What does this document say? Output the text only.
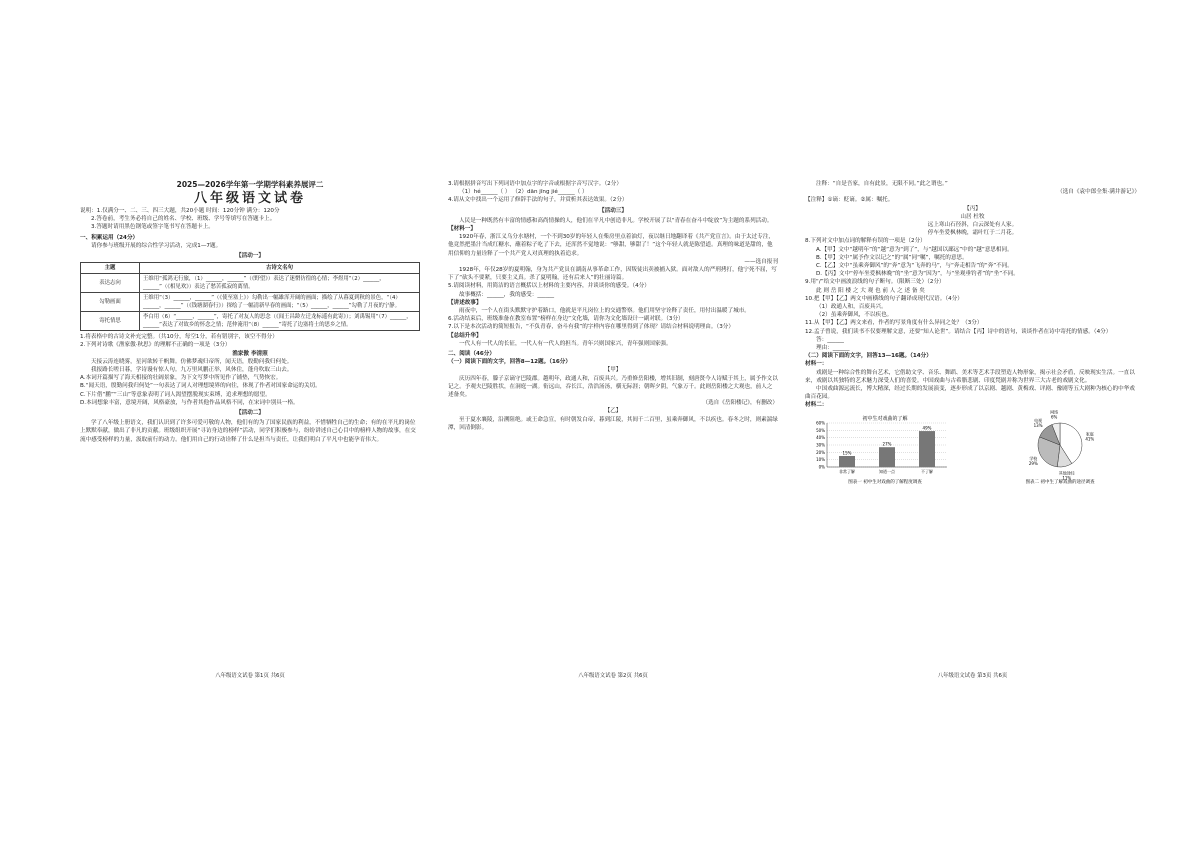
2025—2026学年第一学期学科素养展评二
八年级语文试卷
说明：1.仅满分一、二、三、四三大题，共20小题 时间：120分钟 满分：120分
2.答卷前，考生务必将自己的姓名、学校、班级、学号等填写在答题卡上。
3.答题时请用黑色钢笔或签字笔书写在答题卡上。
一、积累运用（24分）
请你参与班级开展的综合性学习活动，完成1—7题。
【活动一】
主题	古诗文名句
表达志向	王维用“孤鸿无行旅，（1）______，______”（《野望》）表达了迷惘彷徨的心情；李煜用“（2）______，______”（《相见欢》）表达了愁苦孤寂的离情。
勾勒画面	王维用“（3）______，______”（《使至塞上》）勾勒出一幅雄浑开阔的画面；描绘了从暮夏到秋的景色，“（4）______，______”（《钱塘湖春行》）探绘了一幅清新早春的画面；“（5）______，______”勾勒了月夜的宁静。
寄托情思	李白用（6）“______，______”，寄托了对友人的思念（《闻王昌龄左迁龙标遥有此寄》）；刘禹锡用“（7）______，______”表达了对故乡的怀念之情；范仲淹用“（8）______”寄托了边塞将士的思乡之情。
1.将表格中的古诗文补充完整。（共10分，每空1分，若有错别字，该空不得分）
2.下列对诗歌《渔家傲·秋思》的理解不正确的一项是（3分）
渔家傲 李清照
天接云涛连晓雾，星河欲转千帆舞。仿佛梦魂归帝所，闻天语，殷勤问我归何处。
我报路长嗟日暮，学诗谩有惊人句。九万里风鹏正举，风休住，蓬舟吹取三山去。
A.本词开篇描写了海天相接的壮阔景象，为下文写梦中所见作了铺垫，气势恢宏。
B.“闻天语，殷勤问我归何处”一句表达了词人对理想境界的向往，体现了作者对国家命运的关切。
C.下片借“鹏”“三山”等意象表明了词人渴望摆脱现实束缚，追求理想的愿望。
D.本词想象丰富，意境开阔，风格豪放，与作者其他作品风格不同，在宋词中别具一格。
【活动二】
学了八年级上册语文，我们认识到了许多可爱可敬的人物，他们有的为了国家民族的利益，不惜牺牲自己的生命；有的在平凡的岗位上默默奉献，做出了非凡的贡献。班级组织开展“寻访身边的榜样”活动，同学们积极参与，纷纷讲述自己心目中的榜样人物的故事，在交流中感受榜样的力量，汲取前行的动力。他们用自己的行动诠释了什么是担当与责任，让我们明白了平凡中也能孕育伟大。
八年级语文试卷 第1页 共6页
3.请根据拼音写出下列词语中加点字的字音或根据字音写汉字。（2分）
（1）hé______（ ） （2）dān jīng jié______（ ）
4.请从文中找出一个运用了修辞手法的句子，并赏析其表达效果。（2分）
【活动三】
人民是一种既然有丰富的情感和高尚情操的人，他们在平凡中创造非凡。学校开展了以“青春在奋斗中绽放”为主题的系列活动。
【材料一】
1920年春，浙江义乌分水塘村，一个不到30岁的年轻人在柴房里点着油灯，夜以继日地翻译着《共产党宣言》。由于太过专注，他竟然把墨汁当成红糖水，蘸着粽子吃了下去，还浑然不觉地说：“够甜，够甜了！”这个年轻人就是陈望道。真理的味道是甜的，他用信仰的力量诠释了一个共产党人对真理的执着追求。
——选自报刊
1928年，年仅28岁的夏明翰，身为共产党员在湖南从事革命工作，因叛徒出卖被捕入狱。面对敌人的严刑拷打，他宁死不屈，写下了“砍头不要紧，只要主义真。杀了夏明翰，还有后来人”的壮丽诗篇。
5.请阅读材料，用简洁的语言概括以上材料的主要内容，并谈谈你的感受。（4分）
故事概括：______，我的感受：______
【讲述故事】
雨夜中，一个人在街头默默守护着路口，他就是平凡岗位上的交通警察。他们用坚守诠释了责任，用付出温暖了城市。
6.活动结束后，班级准备在教室布置“榜样在身边”文化墙，请你为文化墙设计一副对联。（3分）
7.以下是本次活动的简短报告，“不负青春，奋斗有我”的字样内容在哪里得到了体现？请结合材料说明理由。（3分）
【总结升华】
一代人有一代人的长征，一代人有一代人的担当。青年兴则国家兴，青年强则国家强。
二、阅读（46分）
（一）阅读下面的文字，回答8—12题。（16分）
【甲】
庆历四年春，滕子京谪守巴陵郡。越明年，政通人和，百废具兴。乃重修岳阳楼，增其旧制，刻唐贤今人诗赋于其上，属予作文以记之。予观夫巴陵胜状，在洞庭一湖。衔远山，吞长江，浩浩汤汤，横无际涯；朝晖夕阴，气象万千。此则岳阳楼之大观也，前人之述备矣。
（选自《岳阳楼记》，有删改）
【乙】
至于夏水襄陵，沿溯阻绝。或王命急宣，有时朝发白帝，暮到江陵，其间千二百里，虽乘奔御风，不以疾也。春冬之时，则素湍绿潭，回清倒影。
八年级语文试卷 第2页 共6页
注释：“自是吾家，自有此景，无限不同。”此之谓也。”
（选自《袁中郎全集·满井游记》）
【注释】①谪：贬谪。②属：嘱托。
【丙】
山居 杜牧
远上寒山石径斜，白云深处有人家。
停车坐爱枫林晚，霜叶红于二月花。
8.下列对文中加点词的解释有误的一项是（2分）
A.【甲】文中“越明年”的“越”意为“到了”，与“越国以鄙远”中的“越”意思相同。
B.【甲】文中“属予作文以记之”的“属”同“嘱”，嘱托的意思。
C.【乙】文中“虽乘奔御风”的“奔”意为“飞奔的马”，与“奔走相告”的“奔”不同。
D.【丙】文中“停车坐爱枫林晚”的“坐”意为“因为”，与“坐观垂钓者”的“坐”不同。
9.用“/”给文中画波浪线的句子断句。（限断三处）（2分）
此 则 岳 阳 楼 之 大 观 也 前 人 之 述 备 矣
10.把【甲】【乙】两文中画横线的句子翻译成现代汉语。（4分）
（1）政通人和，百废具兴。
（2）虽乘奔御风，不以疾也。
11.从【甲】【乙】两文来看，作者的写景角度有什么异同之处？（3分）
12.孟子曾说，我们读书不仅要理解文意，还要“知人论世”。请结合【丙】诗中的语句，谈谈作者在诗中寄托的情感。（4分）
答：______
理由：______
（二）阅读下面的文字，回答13—16题。（14分）
材料一：
戏剧是一种综合性的舞台艺术，它借助文学、音乐、舞蹈、美术等艺术手段塑造人物形象，揭示社会矛盾，反映现实生活。一直以来，戏剧以其独特的艺术魅力深受人们的喜爱。中国戏曲与古希腊悲剧、印度梵剧并称为世界三大古老的戏剧文化。
中国戏曲源远流长，博大精深，经过长期的发展演变，逐步形成了以京剧、越剧、黄梅戏、评剧、豫剧等五大剧种为核心的中华戏曲百花园。
材料二：
初中生对戏曲的了解
60%
50%
40%
30%
20%
10%
0%
15%
非常了解
27%
知道一点
49%
不了解
图表一 初中生对戏曲的了解程度调查
家庭
41%
其他途径
11%
学校
29%
电视
13%
网络
6%
图表二 初中生了解戏曲的途径调查
八年级语文试卷 第3页 共6页
